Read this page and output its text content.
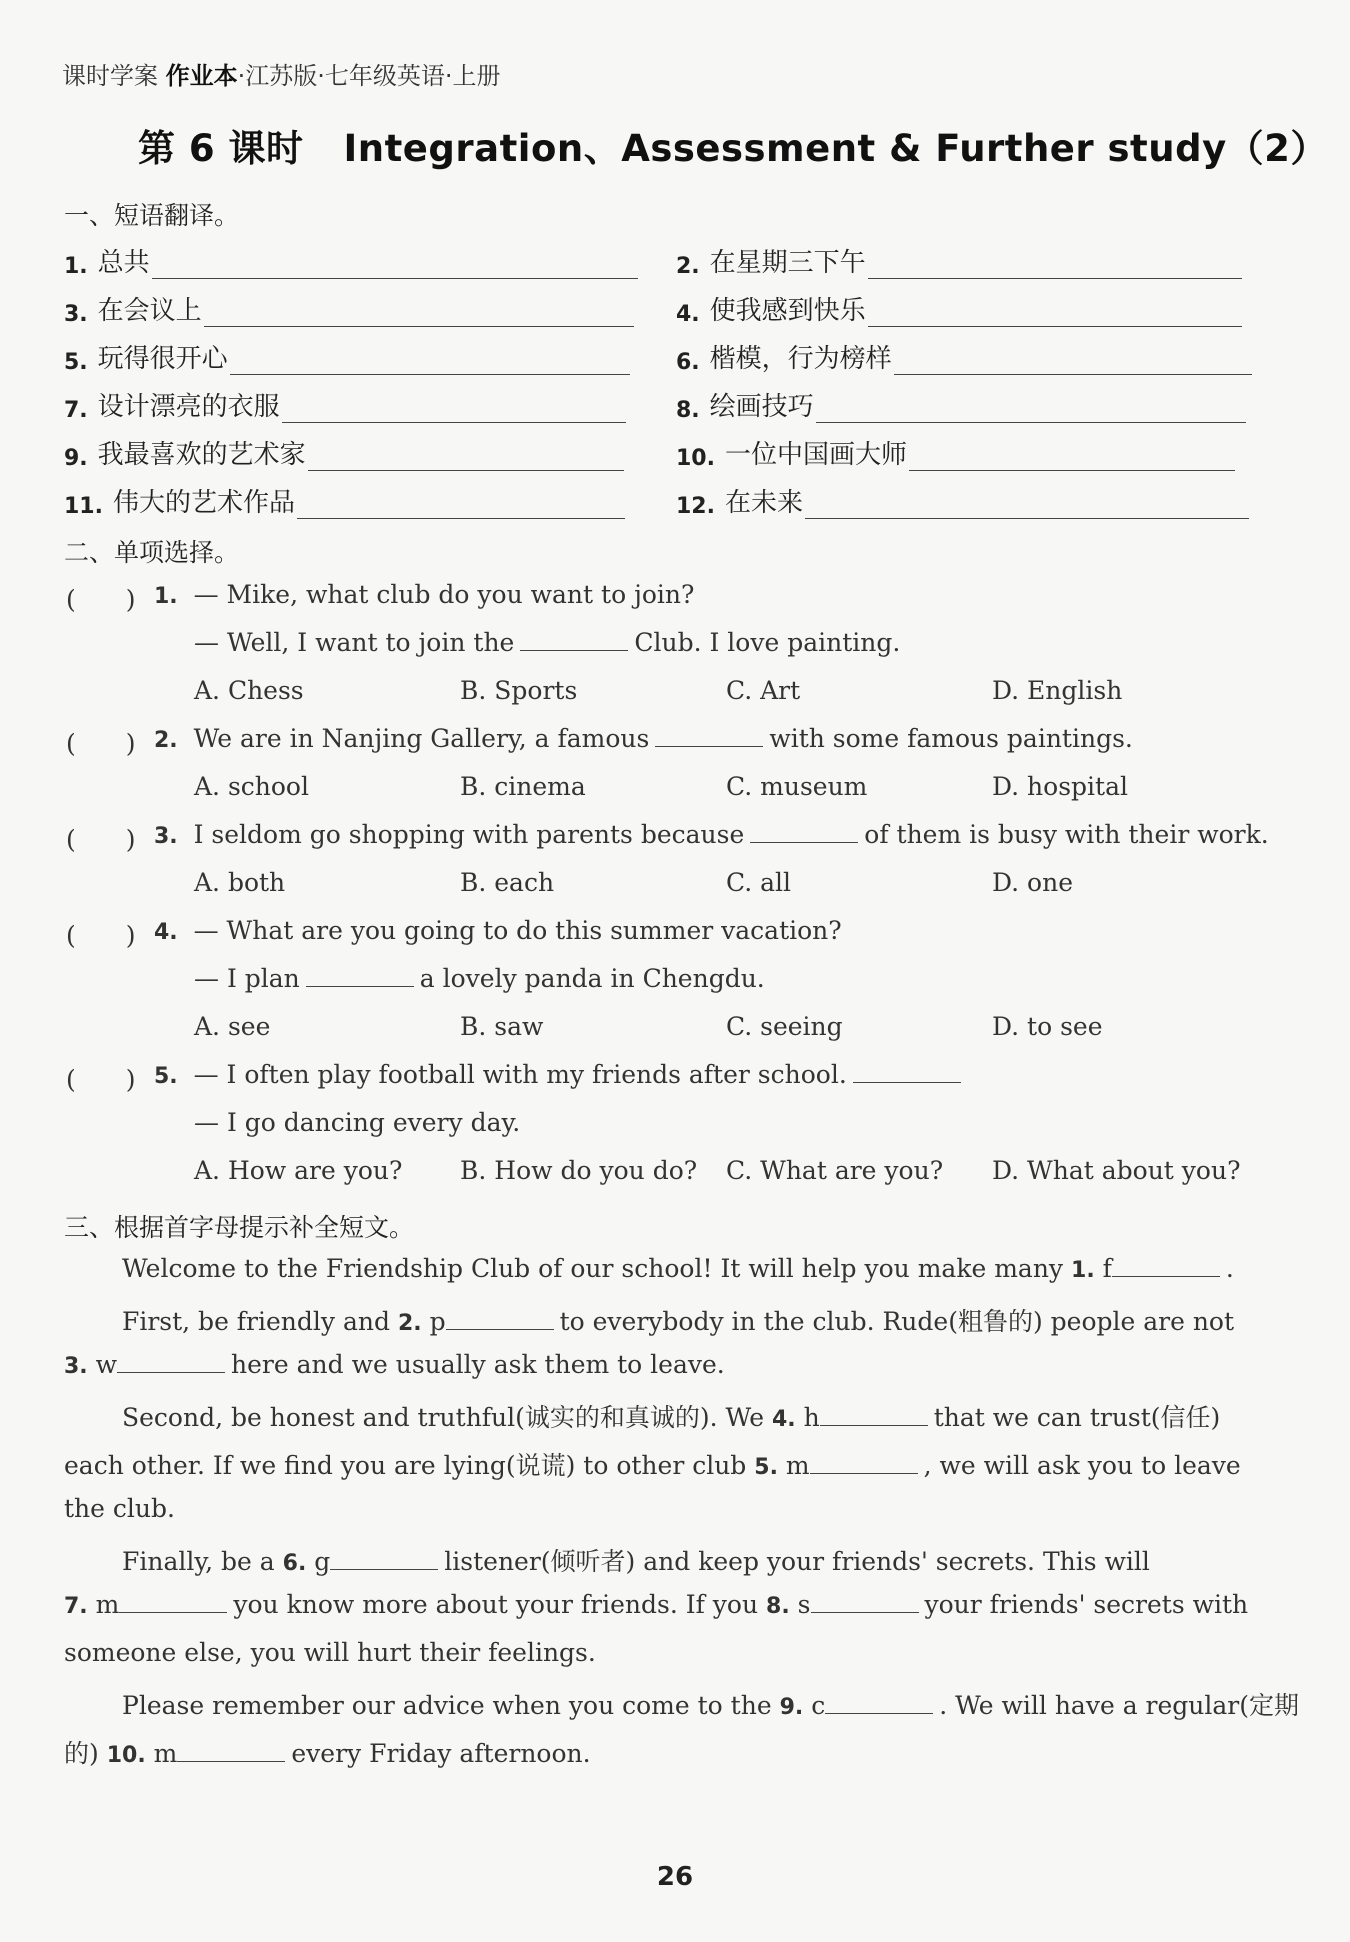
课时学案 作业本·江苏版·七年级英语·上册
第 6 课时 Integration、Assessment & Further study（2）
一、短语翻译。
1. 总共	2. 在星期三下午
3. 在会议上	4. 使我感到快乐
5. 玩得很开心	6. 楷模，行为榜样
7. 设计漂亮的衣服	8. 绘画技巧
9. 我最喜欢的艺术家	10. 一位中国画大师
11. 伟大的艺术作品	12. 在未来
二、单项选择。
(　　) 1. — Mike, what club do you want to join?
— Well, I want to join the	Club. I love painting.
A. Chess	B. Sports	C. Art	D. English
(　　) 2. We are in Nanjing Gallery, a famous	with some famous paintings.
A. school	B. cinema	C. museum	D. hospital
(　　) 3. I seldom go shopping with parents because	of them is busy with their work.
A. both	B. each	C. all	D. one
(　　) 4. — What are you going to do this summer vacation?
— I plan	a lovely panda in Chengdu.
A. see	B. saw	C. seeing	D. to see
(　　) 5. — I often play football with my friends after school.
— I go dancing every day.
A. How are you? B. How do you do? C. What are you? D. What about you?
三、根据首字母提示补全短文。
Welcome to the Friendship Club of our school! It will help you make many 1. f	.
First, be friendly and 2. p	to everybody in the club. Rude(粗鲁的) people are not
3. w	here and we usually ask them to leave.
Second, be honest and truthful(诚实的和真诚的). We 4. h	that we can trust(信任)
each other. If we find you are lying(说谎) to other club 5. m	, we will ask you to leave
the club.
Finally, be a 6. g	listener(倾听者) and keep your friends' secrets. This will
7. m	you know more about your friends. If you 8. s	your friends' secrets with
someone else, you will hurt their feelings.
Please remember our advice when you come to the 9. c	. We will have a regular(定期
的) 10. m	every Friday afternoon.
26
